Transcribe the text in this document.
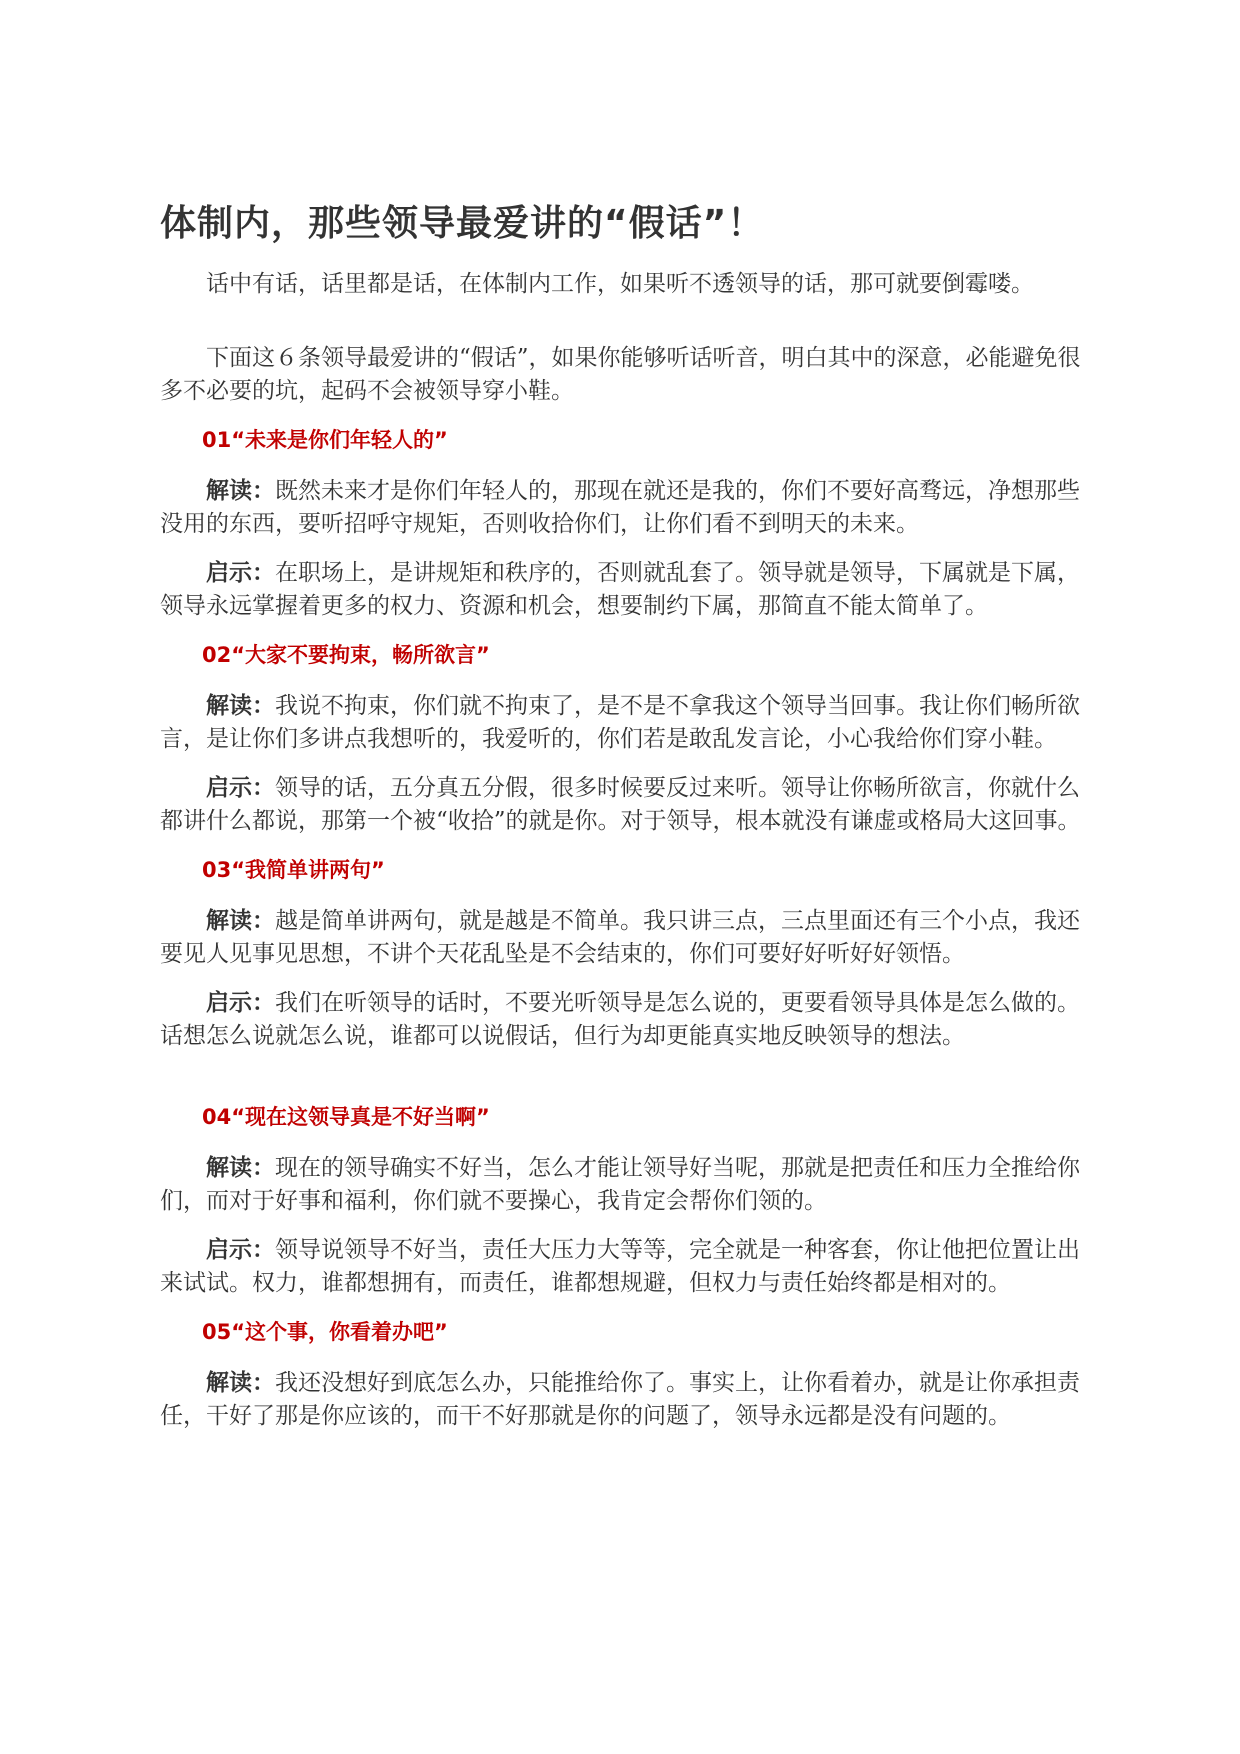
体制内，那些领导最爱讲的“假话”！

话中有话，话里都是话，在体制内工作，如果听不透领导的话，那可就要倒霉喽。

下面这６条领导最爱讲的“假话”，如果你能够听话听音，明白其中的深意，必能避免很多不必要的坑，起码不会被领导穿小鞋。

01“未来是你们年轻人的”

解读：既然未来才是你们年轻人的，那现在就还是我的，你们不要好高骛远，净想那些没用的东西，要听招呼守规矩，否则收拾你们，让你们看不到明天的未来。

启示：在职场上，是讲规矩和秩序的，否则就乱套了。领导就是领导，下属就是下属，领导永远掌握着更多的权力、资源和机会，想要制约下属，那简直不能太简单了。

02“大家不要拘束，畅所欲言”

解读：我说不拘束，你们就不拘束了，是不是不拿我这个领导当回事。我让你们畅所欲言，是让你们多讲点我想听的，我爱听的，你们若是敢乱发言论，小心我给你们穿小鞋。

启示：领导的话，五分真五分假，很多时候要反过来听。领导让你畅所欲言，你就什么都讲什么都说，那第一个被“收拾”的就是你。对于领导，根本就没有谦虚或格局大这回事。

03“我简单讲两句”

解读：越是简单讲两句，就是越是不简单。我只讲三点，三点里面还有三个小点，我还要见人见事见思想，不讲个天花乱坠是不会结束的，你们可要好好听好好领悟。

启示：我们在听领导的话时，不要光听领导是怎么说的，更要看领导具体是怎么做的。话想怎么说就怎么说，谁都可以说假话，但行为却更能真实地反映领导的想法。

04“现在这领导真是不好当啊”

解读：现在的领导确实不好当，怎么才能让领导好当呢，那就是把责任和压力全推给你们，而对于好事和福利，你们就不要操心，我肯定会帮你们领的。

启示：领导说领导不好当，责任大压力大等等，完全就是一种客套，你让他把位置让出来试试。权力，谁都想拥有，而责任，谁都想规避，但权力与责任始终都是相对的。

05“这个事，你看着办吧”

解读：我还没想好到底怎么办，只能推给你了。事实上，让你看着办，就是让你承担责任，干好了那是你应该的，而干不好那就是你的问题了，领导永远都是没有问题的。
